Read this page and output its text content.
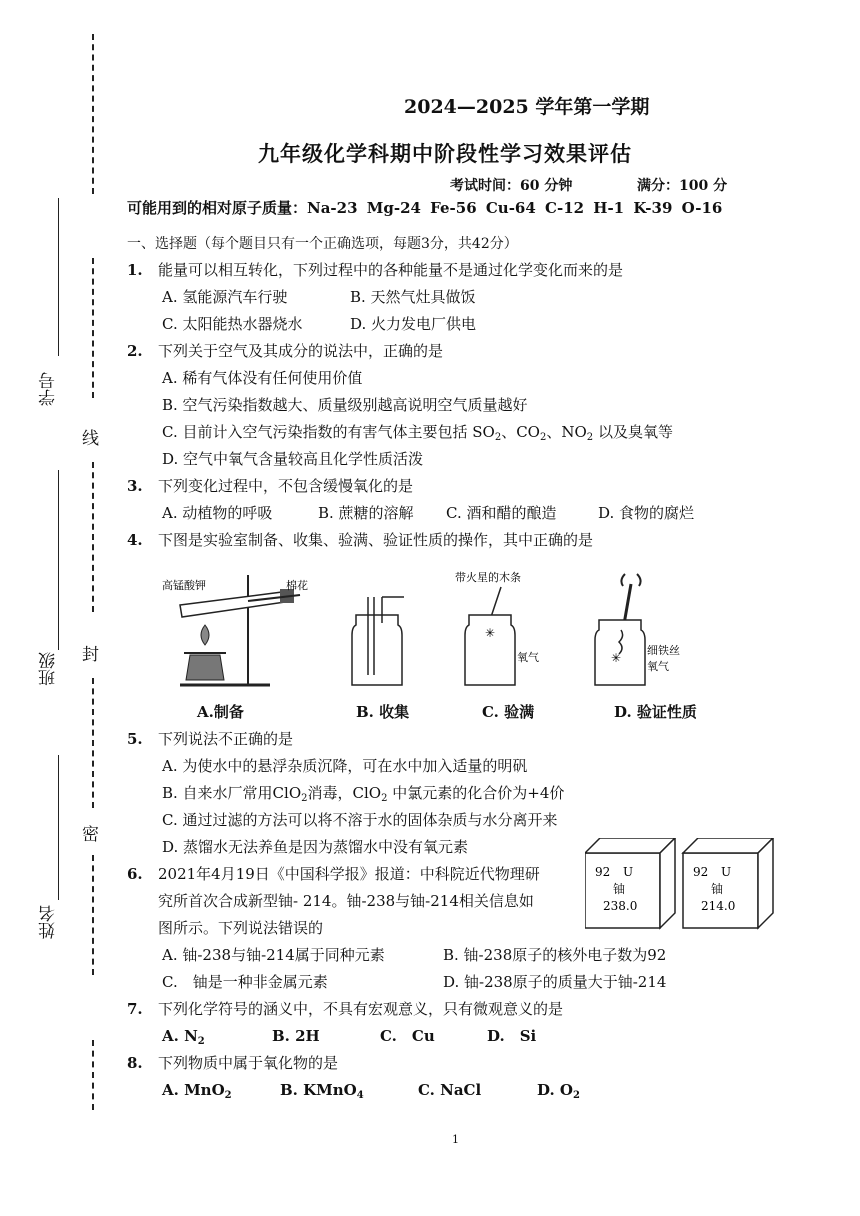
学号
线
班级 封
姓名
密
2024—2025 学年第一学期
九年级化学科期中阶段性学习效果评估
考试时间：60 分钟	满分：100 分
可能用到的相对原子质量：Na-23 Mg-24 Fe-56 Cu-64 C-12 H-1 K-39 O-16
一、选择题（每个题目只有一个正确选项，每题3分，共42分）
1. 能量可以相互转化，下列过程中的各种能量不是通过化学变化而来的是
A. 氢能源汽车行驶	B. 天然气灶具做饭
C. 太阳能热水器烧水	D. 火力发电厂供电
2. 下列关于空气及其成分的说法中，正确的是
A. 稀有气体没有任何使用价值
B. 空气污染指数越大、质量级别越高说明空气质量越好
C. 目前计入空气污染指数的有害气体主要包括 $SO_2$、$CO_2$、$NO_2$ 以及臭氧等
D. 空气中氧气含量较高且化学性质活泼
3. 下列变化过程中，不包含缓慢氧化的是
A. 动植物的呼吸	B. 蔗糖的溶解 C. 酒和醋的酿造	D. 食物的腐烂
4. 下图是实验室制备、收集、验满、验证性质的操作，其中正确的是
高锰酸钾	棉花
带火星的木条
✳
氧气	✳
细铁丝
氧气
A.制备	B. 收集	C. 验满	D. 验证性质
5. 下列说法不正确的是
A. 为使水中的悬浮杂质沉降，可在水中加入适量的明矾
B. 自来水厂常用ClO$_2$消毒，ClO$_2$ 中氯元素的化合价为+4价
C. 通过过滤的方法可以将不溶于水的固体杂质与水分离开来
D. 蒸馏水无法养鱼是因为蒸馏水中没有氧元素
6. 2021年4月19日《中国科学报》报道：中科院近代物理研
究所首次合成新型铀- 214。铀-238与铀-214相关信息如
图所示。下列说法错误的
92 U
铀
238.0
92 U
铀
214.0
A. 铀-238与铀-214属于同种元素	B. 铀-238原子的核外电子数为92
C.　铀是一种非金属元素	D. 铀-238原子的质量大于铀-214
7. 下列化学符号的涵义中，不具有宏观意义，只有微观意义的是
A. $N_2$	B. 2H	C.　Cu	D.　Si
8. 下列物质中属于氧化物的是
A. MnO$_2$	B. KMnO$_4$	C. NaCl	D. $O_2$
1
